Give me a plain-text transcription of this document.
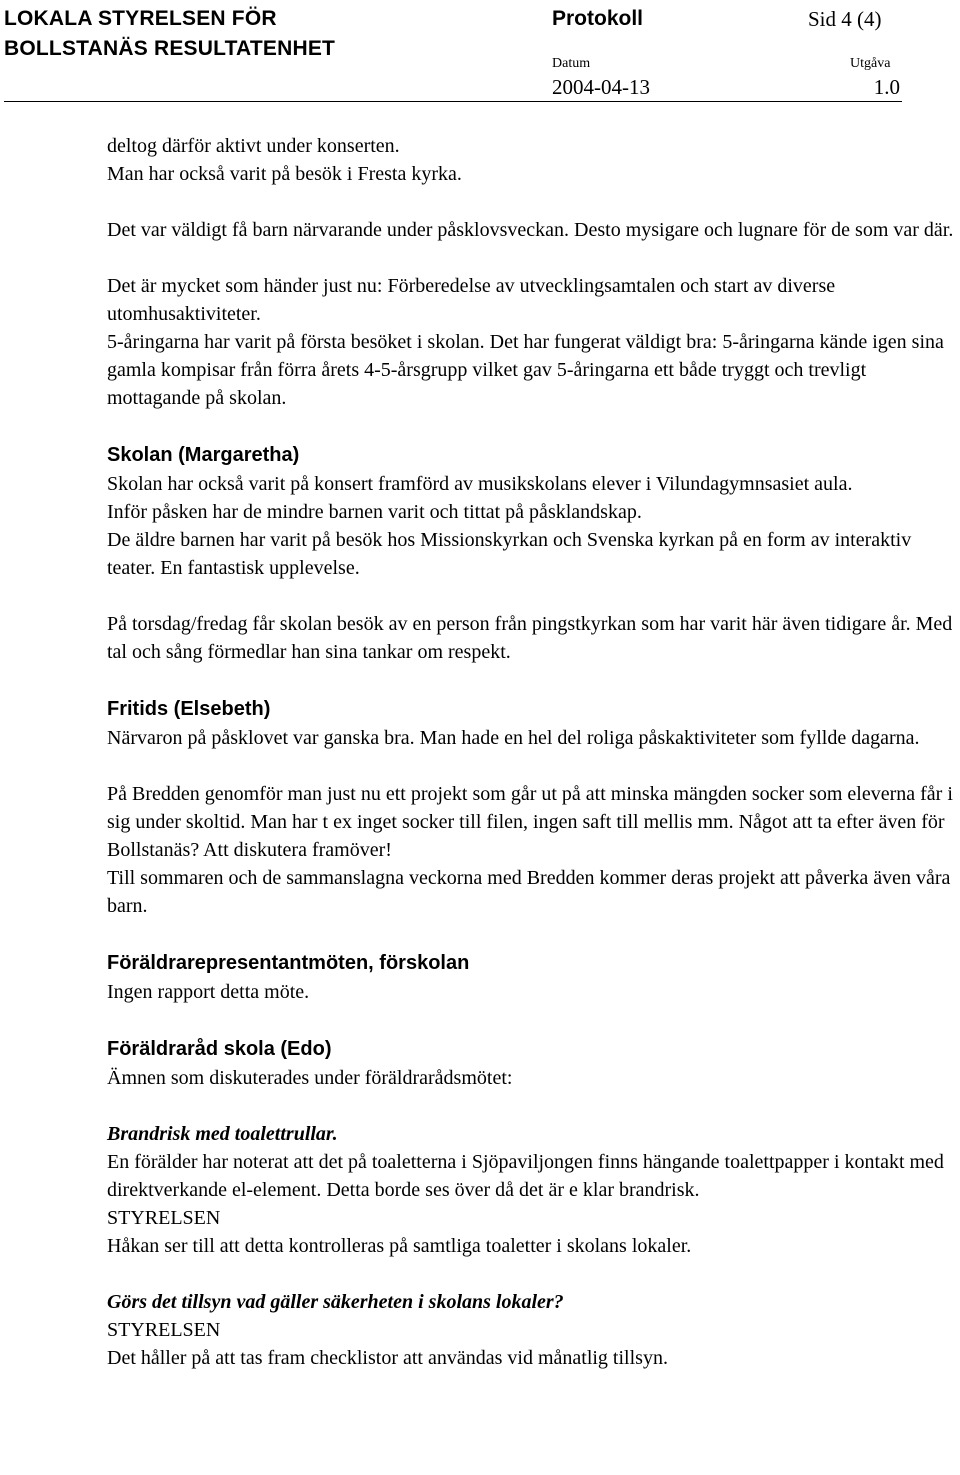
LOKALA STYRELSEN FÖR
BOLLSTANÄS RESULTATENHET
Protokoll	Sid 4 (4)
Datum
2004-04-13
Utgåva
1.0

deltog därför aktivt under konserten.

Man har också varit på besök i Fresta kyrka.

Det var väldigt få barn närvarande under påsklovsveckan. Desto mysigare och lugnare för de som var där.

Det är mycket som händer just nu: Förberedelse av utvecklingsamtalen och start av diverse utomhusaktiviteter.

5-åringarna har varit på första besöket i skolan. Det har fungerat väldigt bra: 5-åringarna kände igen sina gamla kompisar från förra årets 4-5-årsgrupp vilket gav 5-åringarna ett både tryggt och trevligt mottagande på skolan.

Skolan (Margaretha)

Skolan har också varit på konsert framförd av musikskolans elever i Vilundagymnsasiet aula.

Inför påsken har de mindre barnen varit och tittat på påsklandskap.

De äldre barnen har varit på besök hos Missionskyrkan och Svenska kyrkan på en form av interaktiv teater. En fantastisk upplevelse.

På torsdag/fredag får skolan besök av en person från pingstkyrkan som har varit här även tidigare år. Med tal och sång förmedlar han sina tankar om respekt.

Fritids (Elsebeth)

Närvaron på påsklovet var ganska bra. Man hade en hel del roliga påskaktiviteter som fyllde dagarna.

På Bredden genomför man just nu ett projekt som går ut på att minska mängden socker som eleverna får i sig under skoltid. Man har t ex inget socker till filen, ingen saft till mellis mm. Något att ta efter även för Bollstanäs? Att diskutera framöver!

Till sommaren och de sammanslagna veckorna med Bredden kommer deras projekt att påverka även våra barn.

Föräldrarepresentantmöten, förskolan

Ingen rapport detta möte.

Föräldraråd skola (Edo)

Ämnen som diskuterades under föräldrarådsmötet:

Brandrisk med toalettrullar.

En förälder har noterat att det på toaletterna i Sjöpaviljongen finns hängande toalettpapper i kontakt med direktverkande el-element. Detta borde ses över då det är e klar brandrisk.

STYRELSEN

Håkan ser till att detta kontrolleras på samtliga toaletter i skolans lokaler.

Görs det tillsyn vad gäller säkerheten i skolans lokaler?

STYRELSEN

Det håller på att tas fram checklistor att användas vid månatlig tillsyn.
